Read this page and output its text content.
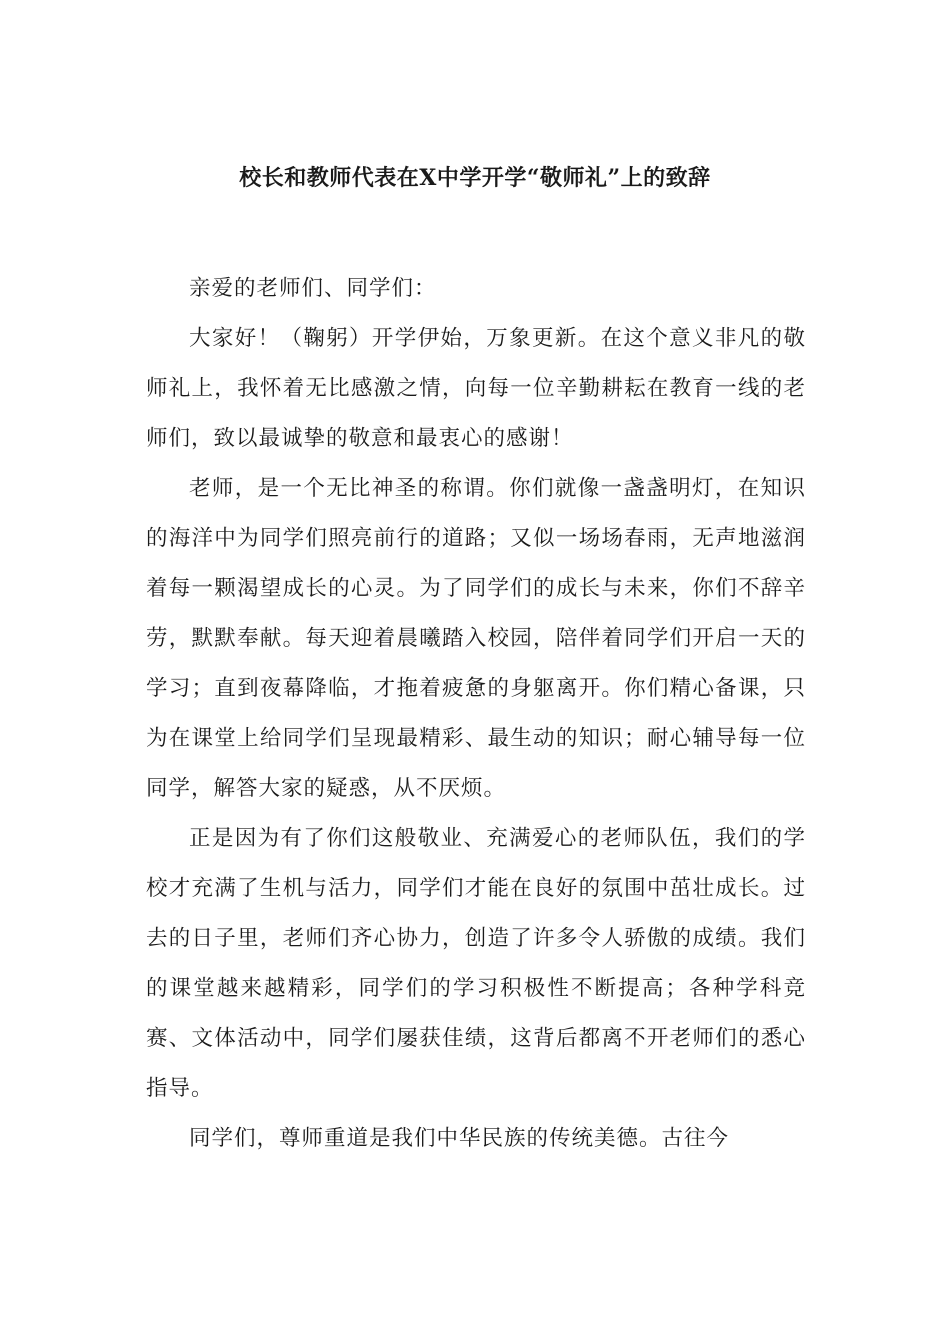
校长和教师代表在X中学开学“敬师礼”上的致辞

亲爱的老师们、同学们：

大家好！（鞠躬）开学伊始，万象更新。在这个意义非凡的敬师礼上，我怀着无比感激之情，向每一位辛勤耕耘在教育一线的老师们，致以最诚挚的敬意和最衷心的感谢！

老师，是一个无比神圣的称谓。你们就像一盏盏明灯，在知识的海洋中为同学们照亮前行的道路；又似一场场春雨，无声地滋润着每一颗渴望成长的心灵。为了同学们的成长与未来，你们不辞辛劳，默默奉献。每天迎着晨曦踏入校园，陪伴着同学们开启一天的学习；直到夜幕降临，才拖着疲惫的身躯离开。你们精心备课，只为在课堂上给同学们呈现最精彩、最生动的知识；耐心辅导每一位同学，解答大家的疑惑，从不厌烦。

正是因为有了你们这般敬业、充满爱心的老师队伍，我们的学校才充满了生机与活力，同学们才能在良好的氛围中茁壮成长。过去的日子里，老师们齐心协力，创造了许多令人骄傲的成绩。我们的课堂越来越精彩，同学们的学习积极性不断提高；各种学科竞赛、文体活动中，同学们屡获佳绩，这背后都离不开老师们的悉心指导。

同学们，尊师重道是我们中华民族的传统美德。古往今
